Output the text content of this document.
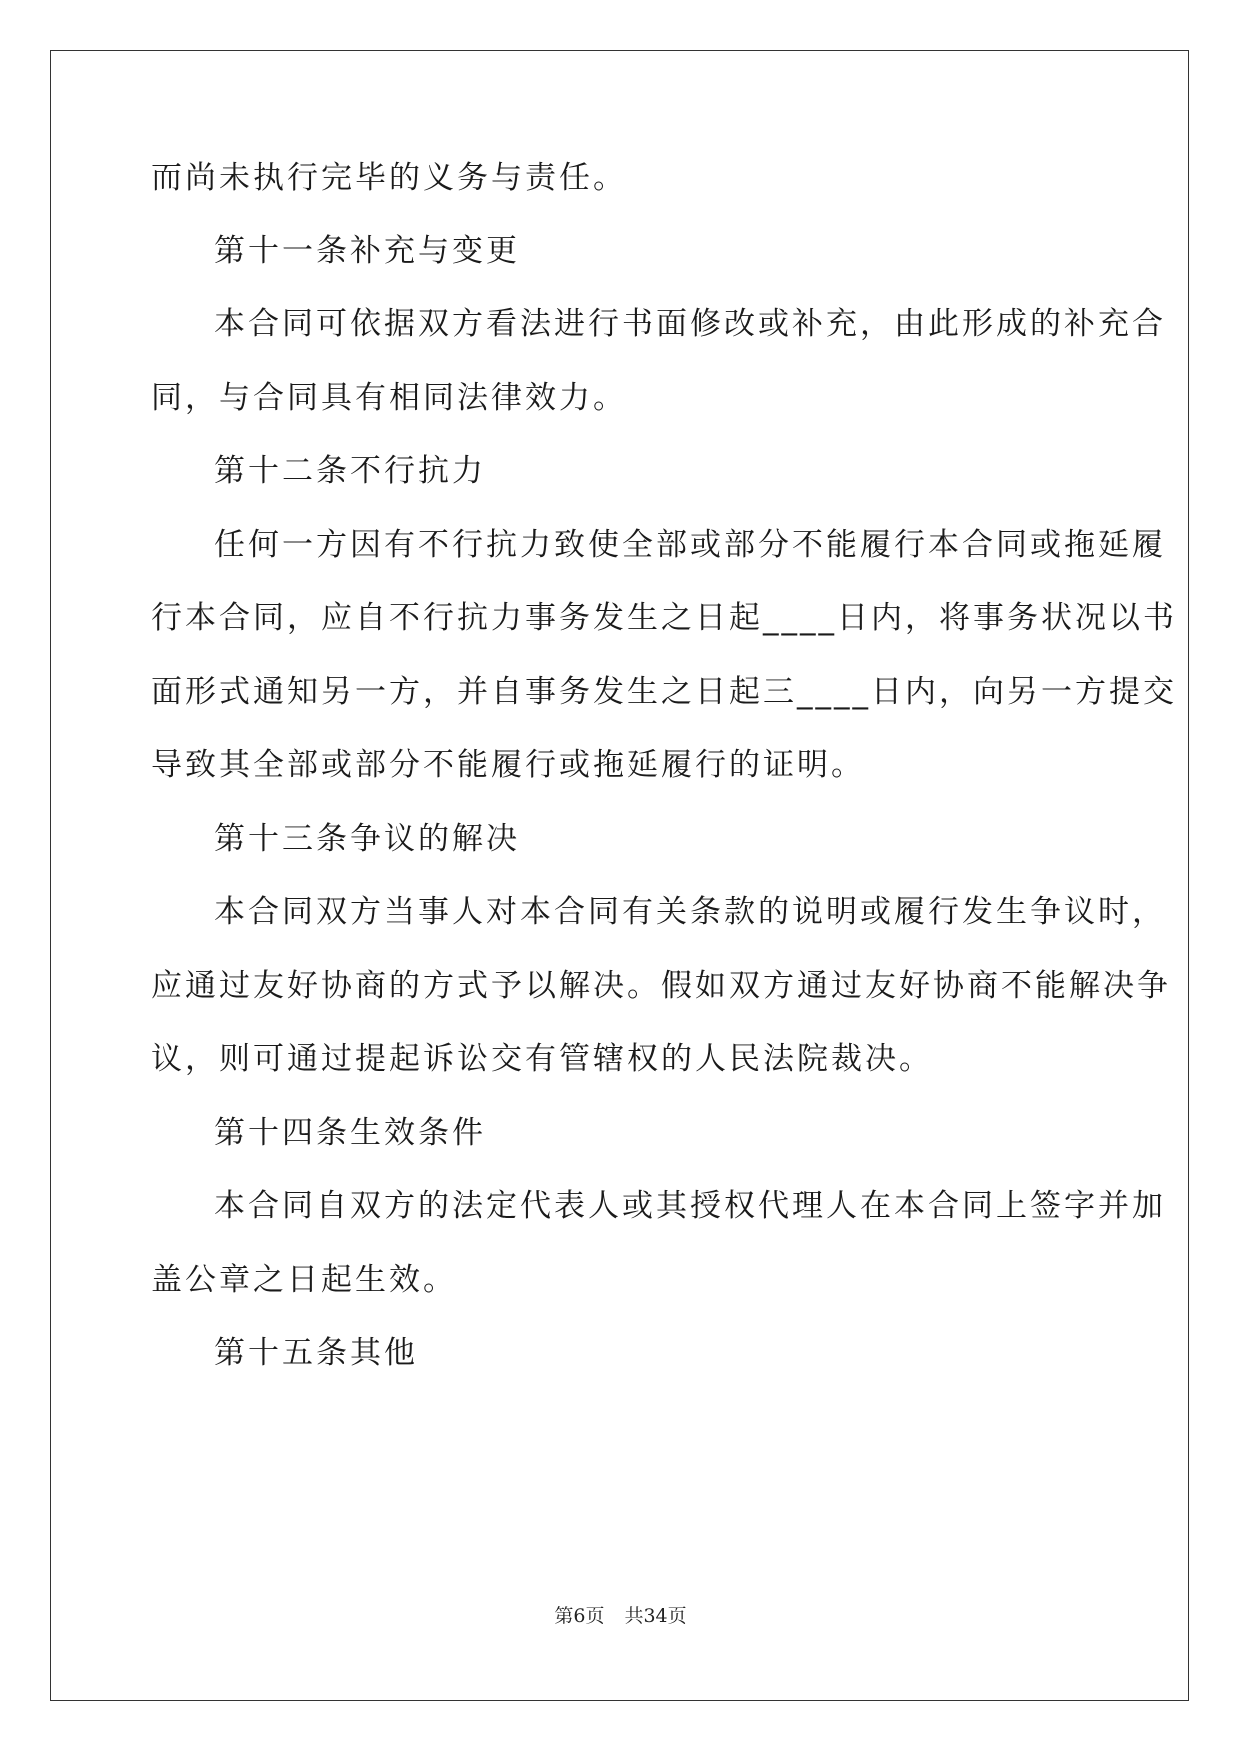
而尚未执行完毕的义务与责任。
第十一条补充与变更
本合同可依据双方看法进行书面修改或补充，由此形成的补充合
同，与合同具有相同法律效力。
第十二条不行抗力
任何一方因有不行抗力致使全部或部分不能履行本合同或拖延履
行本合同，应自不行抗力事务发生之日起____日内，将事务状况以书
面形式通知另一方，并自事务发生之日起三____日内，向另一方提交
导致其全部或部分不能履行或拖延履行的证明。
第十三条争议的解决
本合同双方当事人对本合同有关条款的说明或履行发生争议时，
应通过友好协商的方式予以解决。假如双方通过友好协商不能解决争
议，则可通过提起诉讼交有管辖权的人民法院裁决。
第十四条生效条件
本合同自双方的法定代表人或其授权代理人在本合同上签字并加
盖公章之日起生效。
第十五条其他
第6页 共34页
